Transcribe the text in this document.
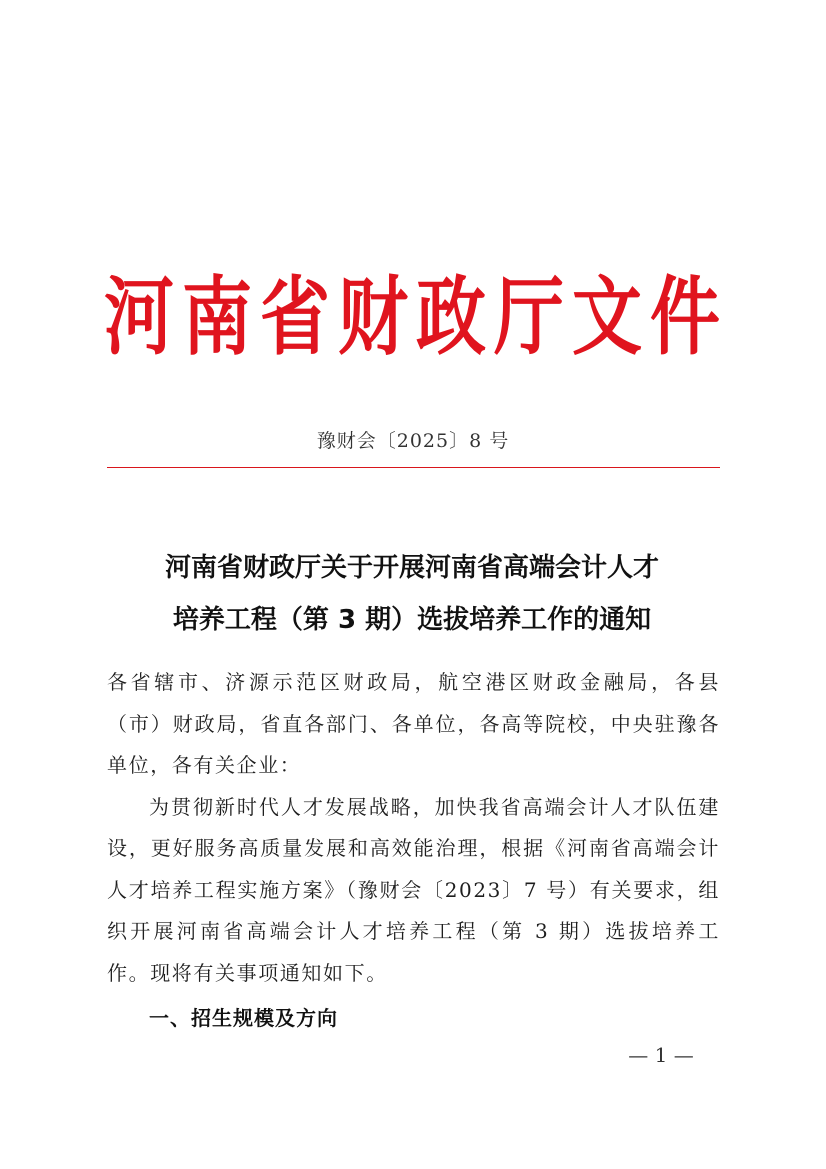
河 南 省 财 政 厅 文 件
豫财会〔2025〕8 号
河南省财政厅关于开展河南省高端会计人才
培养工程（第 3 期）选拔培养工作的通知

各省辖市、济源示范区财政局，航空港区财政金融局，各县（市）财政局，省直各部门、各单位，各高等院校，中央驻豫各单位，各有关企业：

为贯彻新时代人才发展战略，加快我省高端会计人才队伍建设，更好服务高质量发展和高效能治理，根据《河南省高端会计人才培养工程实施方案》（豫财会〔2023〕7 号）有关要求，组织开展河南省高端会计人才培养工程（第 3 期）选拔培养工作。现将有关事项通知如下。

一、招生规模及方向
— 1 —
